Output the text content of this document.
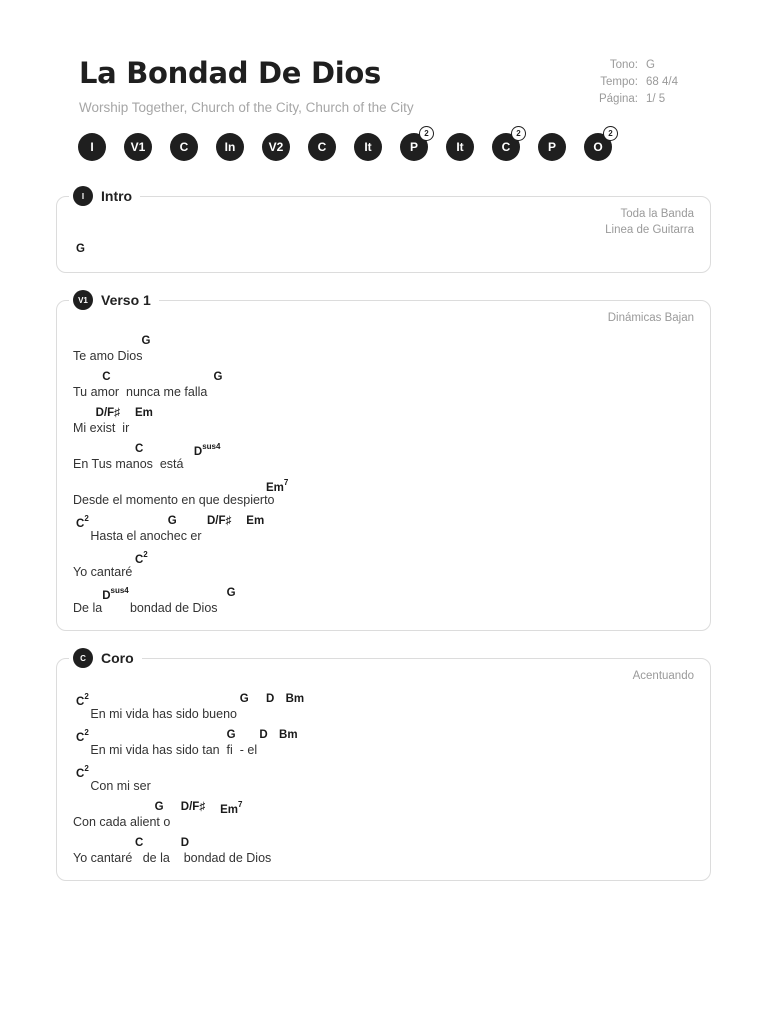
La Bondad De Dios
Worship Together, Church of the City, Church of the City
Tono: G
Tempo: 68 4/4
Página: 1/ 5
I	V1	C	In	V2	C	It	P
2
It	C
2
P	O
2
I	Intro
Toda la Banda
Linea de Guitarra
G
V1 Verso 1
Dinámicas Bajan
G
Te amo Dios
C	G
Tu amor  nunca me falla
D/F♯ Em
Mi exist  ir
C	$D^{sus4}$
En Tus manos  está
Em$^7$
Desde el momento en que despierto
$C^2$	G	D/F♯ Em
Hasta el anochec er
$C^2$
Yo cantaré
$D^{sus4}$	G
De la        bondad de Dios
C	Coro
Acentuando
$C^2$	G D Bm
En mi vida has sido bueno
$C^2$	G D Bm
En mi vida has sido tan  fi  - el
$C^2$
Con mi ser
G D/F♯ Em$^7$
Con cada alient o
C	D
Yo cantaré   de la    bondad de Dios
